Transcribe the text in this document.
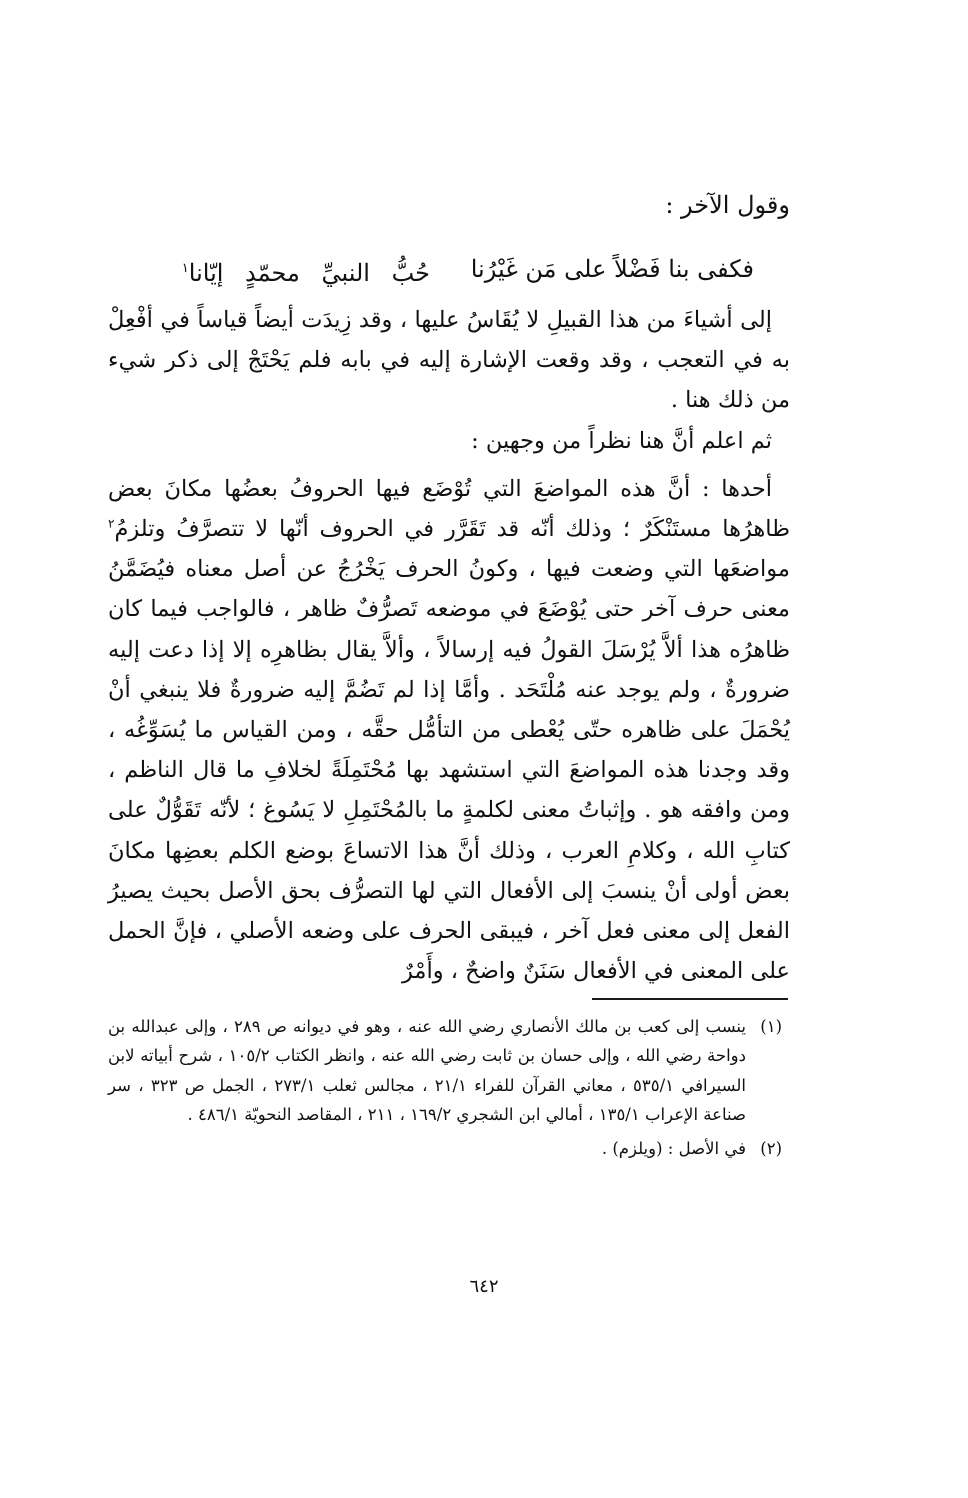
وقول الآخر :
فكفى بنا فَضْلاً على مَن غَيْرُنا
حُبُّ النبيِّ محمّدٍ إيّانا$^١$

إلى أشياءَ من هذا القبيلِ لا يُقَاسُ عليها ، وقد زِيدَت أيضاً قياساً في أفْعِلْ به في التعجب ، وقد وقعت الإشارة إليه في بابه فلم يَحْتَجْ إلى ذكر شيء من ذلك هنا .

ثم اعلم أنَّ هنا نظراً من وجهين :

أحدها : أنَّ هذه المواضعَ التي تُوْضَع فيها الحروفُ بعضُها مكانَ بعض ظاهرُها مستَنْكَرٌ ؛ وذلك أنّه قد تَقَرَّر في الحروف أنّها لا تتصرَّفُ وتلزمُ$^٢$ مواضعَها التي وضعت فيها ، وكونُ الحرف يَخْرُجُ عن أصل معناه فيُضَمَّنُ معنى حرف آخر حتى يُوْضَعَ في موضعه تَصرُّفٌ ظاهر ، فالواجب فيما كان ظاهرُه هذا ألاَّ يُرْسَلَ القولُ فيه إرسالاً ، وألاَّ يقال بظاهرِه إلا إذا دعت إليه ضرورةٌ ، ولم يوجد عنه مُلْتَحَد . وأمَّا إذا لم تَضُمَّ إليه ضرورةٌ فلا ينبغي أنْ يُحْمَلَ على ظاهره حتّى يُعْطى من التأمُّل حقَّه ، ومن القياس ما يُسَوِّغُه ، وقد وجدنا هذه المواضعَ التي استشهد بها مُحْتَمِلَةً لخلافِ ما قال الناظم ، ومن وافقه هو . وإثباتُ معنى لكلمةٍ ما بالمُحْتَمِلِ لا يَسُوغ ؛ لأنّه تَقَوُّلٌ على كتابِ الله ، وكلامِ العرب ، وذلك أنَّ هذا الاتساعَ بوضع الكلم بعضِها مكانَ بعض أولى أنْ ينسبَ إلى الأفعال التي لها التصرُّف بحق الأصل بحيث يصيرُ الفعل إلى معنى فعل آخر ، فيبقى الحرف على وضعه الأصلي ، فإنَّ الحمل على المعنى في الأفعال سَنَنٌ واضحٌ ، وأَمْرٌ

(١)
ينسب إلى كعب بن مالك الأنصاري رضي الله عنه ، وهو في ديوانه ص ٢٨٩ ، وإلى عبدالله بن دواحة رضي الله ، وإلى حسان بن ثابت رضي الله عنه ، وانظر الكتاب ١٠٥/٢ ، شرح أبياته لابن السيرافي ٥٣٥/١ ، معاني القرآن للفراء ٢١/١ ، مجالس ثعلب ٢٧٣/١ ، الجمل ص ٣٢٣ ، سر صناعة الإعراب ١٣٥/١ ، أمالي ابن الشجري ١٦٩/٢ ، ٢١١ ، المقاصد النحويّة ٤٨٦/١ .
(٢)
في الأصل : (ويلزم) .
٦٤٢
